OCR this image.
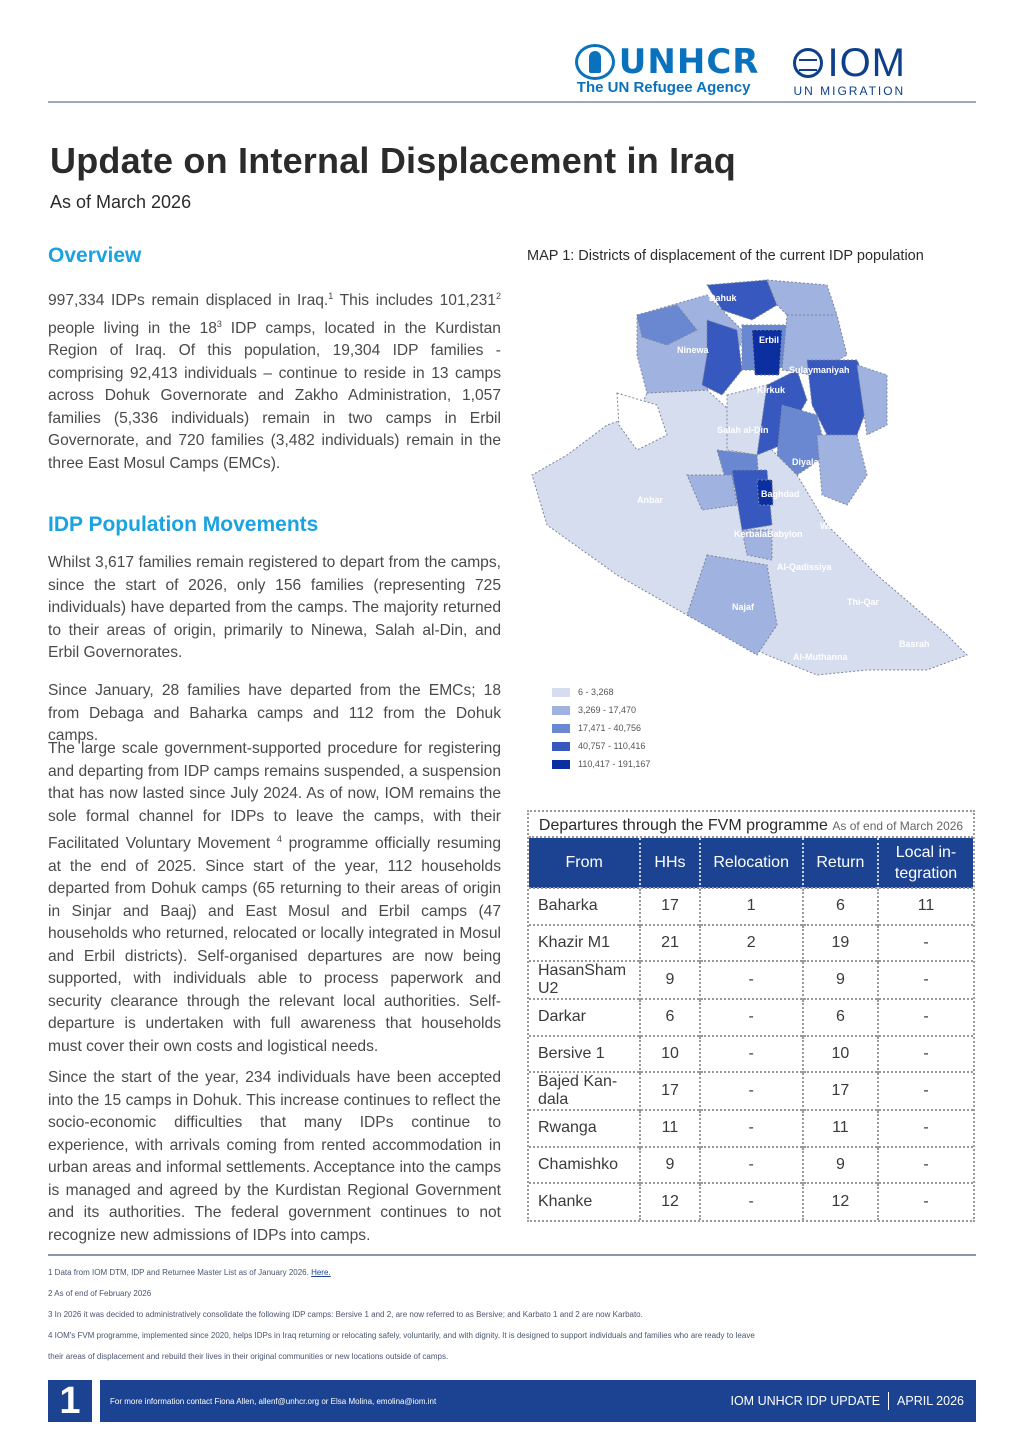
UNHCR
The UN Refugee Agency
IOM
UN MIGRATION
Update on Internal Displacement in Iraq
As of March 2026
Overview

997,334 IDPs remain displaced in Iraq.$^1$ This includes 101,231$^2$ people living in the $18^3$ IDP camps, located in the Kurdistan Region of Iraq. Of this population, 19,304 IDP families - comprising 92,413 individuals – continue to reside in 13 camps across Dohuk Governorate and Zakho Administration, 1,057 families (5,336 individuals) remain in two camps in Erbil Governorate, and 720 families (3,482 individuals) remain in the three East Mosul Camps (EMCs).

IDP Population Movements

Whilst 3,617 families remain registered to depart from the camps, since the start of 2026, only 156 families (representing 725 individuals) have departed from the camps. The majority returned to their areas of origin, primarily to Ninewa, Salah al-Din, and Erbil Governorates.

Since January, 28 families have departed from the EMCs; 18 from Debaga and Baharka camps and 112 from the Dohuk camps.

The large scale government-supported procedure for registering and departing from IDP camps remains suspended, a suspension that has now lasted since July 2024. As of now, IOM remains the sole formal channel for IDPs to leave the camps, with their Facilitated Voluntary Movement $^4$ programme officially resuming at the end of 2025. Since start of the year, 112 households departed from Dohuk camps (65 returning to their areas of origin in Sinjar and Baaj) and East Mosul and Erbil camps (47 households who returned, relocated or locally integrated in Mosul and Erbil districts). Self-organised departures are now being supported, with individuals able to process paperwork and security clearance through the relevant local authorities. Self-departure is undertaken with full awareness that households must cover their own costs and logistical needs.

Since the start of the year, 234 individuals have been accepted into the 15 camps in Dohuk. This increase continues to reflect the socio-economic difficulties that many IDPs continue to experience, with arrivals coming from rented accommodation in urban areas and informal settlements. Acceptance into the camps is managed and agreed by the Kurdistan Regional Government and its authorities. The federal government continues to not recognize new admissions of IDPs into camps.

MAP 1: Districts of displacement of the current IDP population
Dahuk
Ninewa
Erbil
Kirkuk
Sulaymaniyah
Salah al-Din
Diyala
Anbar
Baghdad
Kerbala Babylon
Wassit
Al-Qadissiya	Missan
Thi-Qar
Najaf
Basrah
Al-Muthanna
6 - 3,268
3,269 - 17,470
17,471 - 40,756
40,757 - 110,416
110,417 - 191,167
Departures through the FVM programme As of end of March 2026
From	HHs	Relocation	Return	Local in-tegration
Baharka	17	1	6	11
Khazir M1	21	2	19	-
HasanSham U2	9	-	9	-
Darkar	6	-	6	-
Bersive 1	10	-	10	-
Bajed Kan-dala	17	-	17	-
Rwanga	11	-	11	-
Chamishko	9	-	9	-
Khanke	12	-	12	-
1 Data from IOM DTM, IDP and Returnee Master List as of January 2026. Here.
2 As of end of February 2026
3 In 2026 it was decided to administratively consolidate the following IDP camps: Bersive 1 and 2, are now referred to as Bersive; and Karbato 1 and 2 are now Karbato.
4 IOM's FVM programme, implemented since 2020, helps IDPs in Iraq returning or relocating safely, voluntarily, and with dignity. It is designed to support individuals and families who are ready to leave
their areas of displacement and rebuild their lives in their original communities or new locations outside of camps.
1	For more information contact Fiona Allen, allenf@unhcr.org or Elsa Molina, emolina@iom.int	IOM UNHCR IDP UPDATE APRIL 2026
